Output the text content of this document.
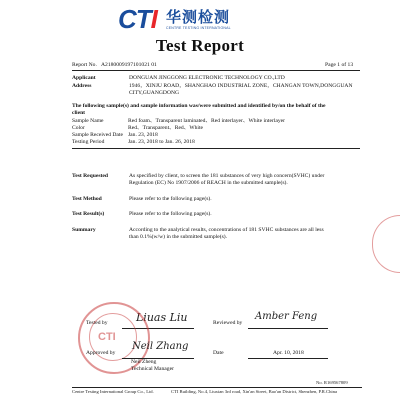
CTI 华测检测
CENTRE TESTING INTERNATIONAL
Test Report
Report No. A2180009197101021 01	Page 1 of 13
Applicant	DONGUAN JINGGONG ELECTRONIC TECHNOLOGY CO.,LTD
Address	1946，XINJU ROAD，SHANGHAO INDUSTRIAL ZONE，CHANGAN TOWN,DONGGUAN
CITY,GUANGDONG
The following sample(s) and sample information was/were submitted and identified by/on the behalf of the
client
Sample Name	Red foam、Transparent laminated、Red interlayer、White interlayer
Color	Red、Transparent、Red、White
Sample Received Date Jan. 23, 2018
Testing Period	Jan. 23, 2018 to Jan. 26, 2018
Test Requested	As specified by client, to screen the 181 substances of very high concern(SVHC) under
Regulation (EC) No 1907/2006 of REACH in the submitted sample(s).
Test Method	Please refer to the following page(s).
Test Result(s)	Please refer to the following page(s).
Summary	According to the analytical results, concentrations of 181 SVHC substances are all less
than 0.1%(w/w) in the submitted sample(s).
Tested by	Liuas Liu	Reviewed by
Amber Feng
CTI
Approved by
Neil Zhang
Neil Zheng
Technical Manager
Date	Apr. 10, 2018
No. R169567809
Centre Testing International Group Co., Ltd.	CTI Building, No.4, Liuxian 3rd road, Xin'an Street, Bao'an District, Shenzhen, P.R.China
